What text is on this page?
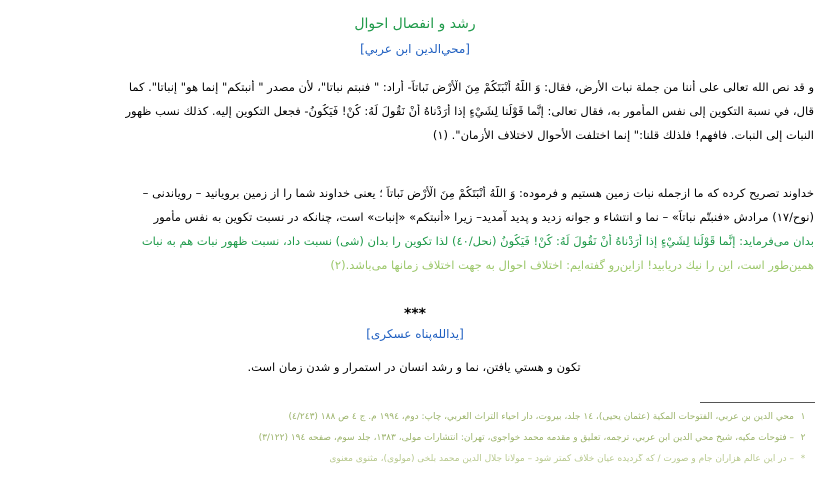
رشد و انفصال احوال
[محي‌الدين ابن عربي]
و قد نص الله تعالى على أننا من جملة نبات الأرض، فقال: وَ اللَّهُ أَنْبَتَكُمْ مِنَ الْأَرْضِ نَباتاً- أراد: " فنبتم نباتا"، لأن مصدر " أنبتكم" إنما هو" إنباتا". كما
قال، في نسبة التكوين إلى نفس المأمور به، فقال تعالى: إِنَّما قَوْلُنا لِشَيْءٍ إِذا أَرَدْناهُ أَنْ نَقُولَ لَهُ: كُنْ! فَيَكُونُ- فجعل التكوين إليه. كذلك نسب ظهور
النبات إلى النبات. فافهم! فلذلك قلنا:" إنما اختلفت الأحوال لاختلاف الأزمان". (١)
خداوند تصريح كرده كه ما ازجمله نبات زمين هستيم و فرموده: وَ اللَّهُ أَنْبَتَكُمْ مِنَ الْأَرْضِ نَباتاً ؛ يعنى خداوند شما را از زمين برويانيد – روياندنى –
(نوح/١٧) مرادش «فنبتّم نباتاً» – نما و انتشاء و جوانه زديد و پديد آمديد– زيرا «أنبتكم» «إنبات» است، چنانكه در نسبت تكوين به نفس مأمور
بدان مى‌فرمايد: إِنَّما قَوْلُنا لِشَيْءٍ إِذا أَرَدْناهُ أَنْ نَقُولَ لَهُ: كُنْ! فَيَكُونُ (نحل/٤٠) لذا تكوين را بدان (شى) نسبت داد، نسبت ظهور نبات هم به نبات
همين‌طور است، اين را نيك دريابيد! ازاين‌رو گفته‌ايم: اختلاف احوال به جهت اختلاف زمانها مى‌باشد.(٢)
***
[يدالله‌پناه عسكرى]
تكون و هستي يافتن، نما و رشد انسان در استمرار و شدن زمان است.
١
محي الدين بن عربي، الفتوحات المكية (عثمان يحيى)، ١٤ جلد، بيروت، دار احياء التراث العربي، چاپ: دوم، ١٩٩٤ م. ج ٤ ص ١٨٨ (٤/٢٤٣)
٢
– فتوحات مكيه، شيخ محي الدين ابن عربي، ترجمه، تعليق و مقدمه محمد خواجوى، تهران: انتشارات مولى، ١٣٨٣، جلد سوم، صفحه ١٩٤ (٣/١٢٢)
*
– در اين عالم هزاران جام و صورت / كه گرديده عيان خلاف كمتر شود – مولانا جلال الدين محمد بلخى (مولوى)، مثنوى معنوى
